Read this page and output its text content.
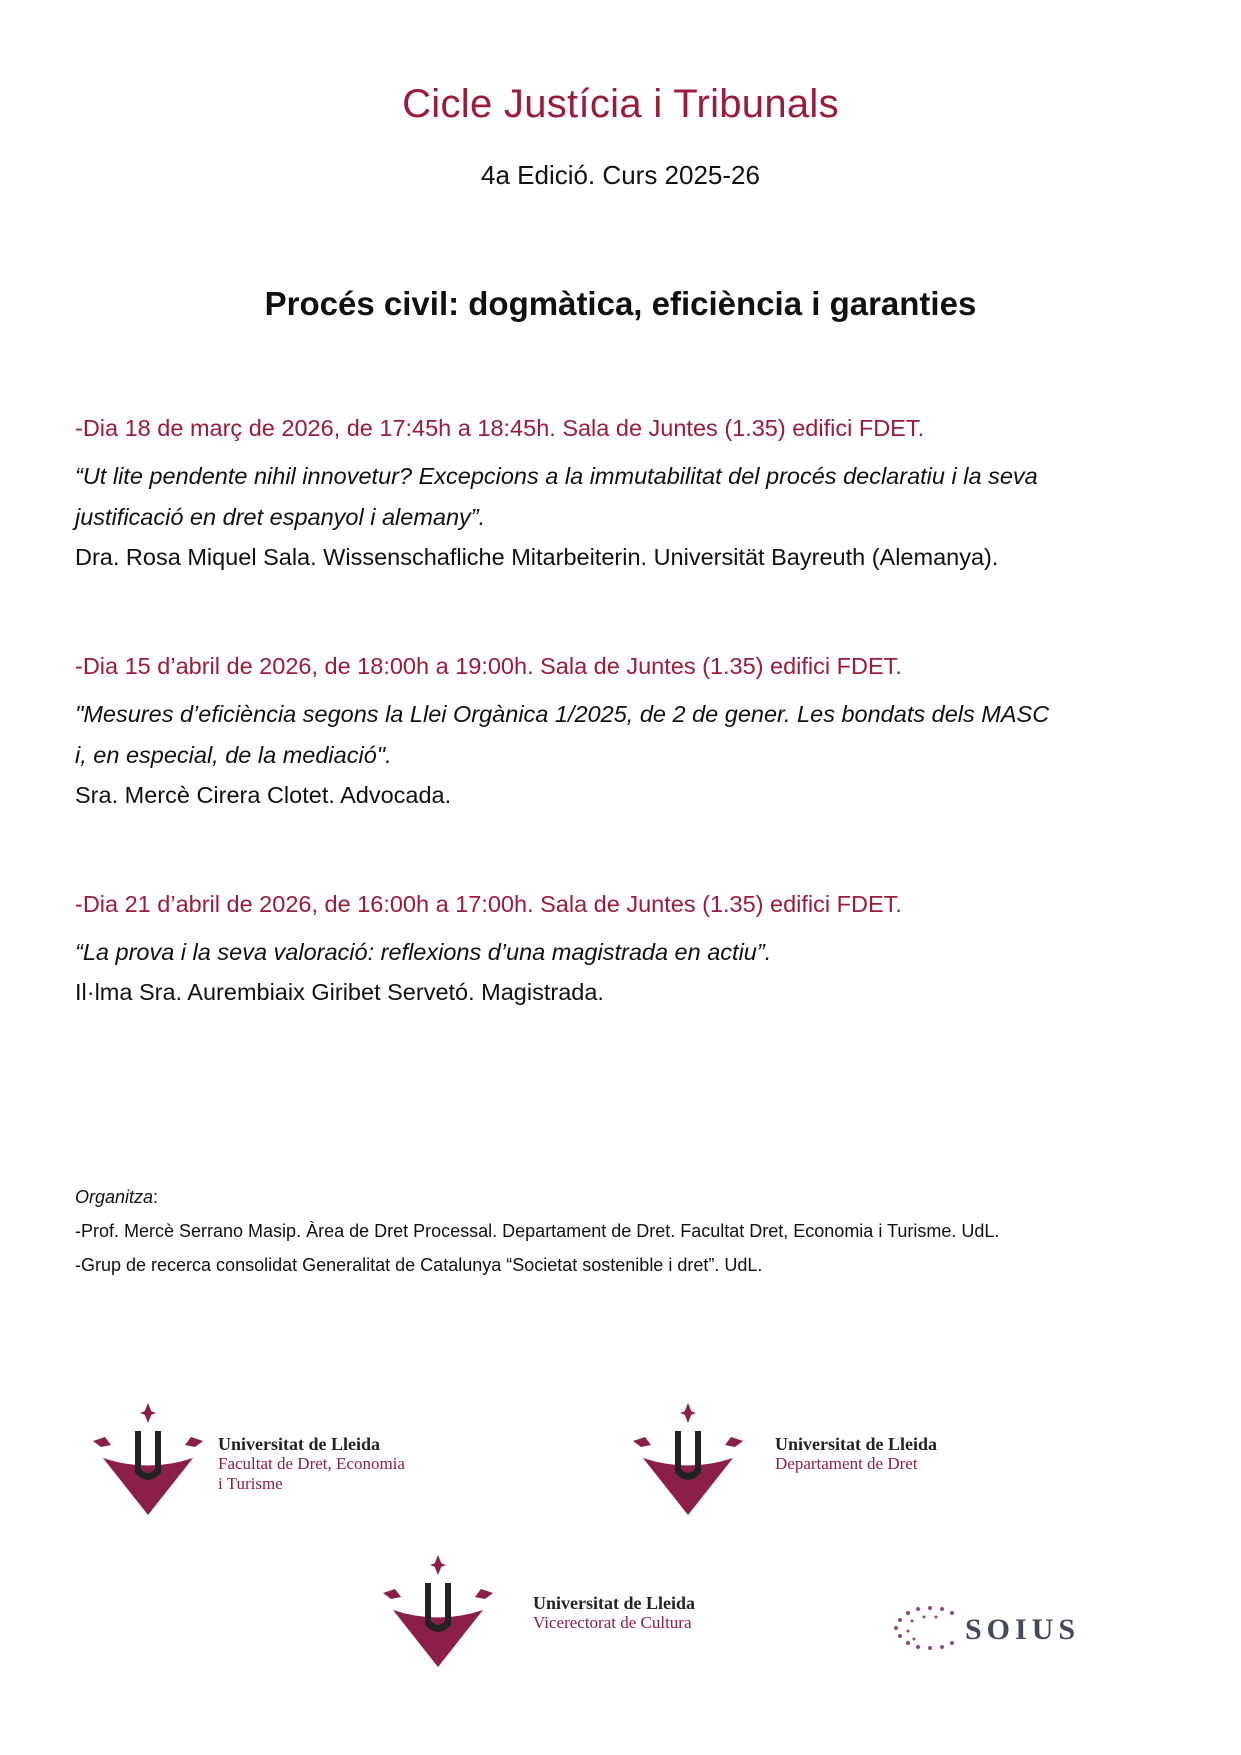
Cicle Justícia i Tribunals
4a Edició. Curs 2025-26
Procés civil: dogmàtica, eficiència i garanties
-Dia 18 de març de 2026, de 17:45h a 18:45h. Sala de Juntes (1.35) edifici FDET.
“Ut lite pendente nihil innovetur? Excepcions a la immutabilitat del procés declaratiu i la seva
justificació en dret espanyol i alemany”.
Dra. Rosa Miquel Sala. Wissenschafliche Mitarbeiterin. Universität Bayreuth (Alemanya).
-Dia 15 d’abril de 2026, de 18:00h a 19:00h. Sala de Juntes (1.35) edifici FDET.
"Mesures d’eficiència segons la Llei Orgànica 1/2025, de 2 de gener. Les bondats dels MASC
i, en especial, de la mediació".
Sra. Mercè Cirera Clotet. Advocada.
-Dia 21 d’abril de 2026, de 16:00h a 17:00h. Sala de Juntes (1.35) edifici FDET.
“La prova i la seva valoració: reflexions d’una magistrada en actiu”.
Il·lma Sra. Aurembiaix Giribet Servetó. Magistrada.
Organitza:
-Prof. Mercè Serrano Masip. Àrea de Dret Processal. Departament de Dret. Facultat Dret, Economia i Turisme. UdL.
-Grup de recerca consolidat Generalitat de Catalunya “Societat sostenible i dret”. UdL.
Universitat de Lleida
Facultat de Dret, Economia
i Turisme
Universitat de Lleida
Departament de Dret
Universitat de Lleida
Vicerectorat de Cultura	SOIUS
